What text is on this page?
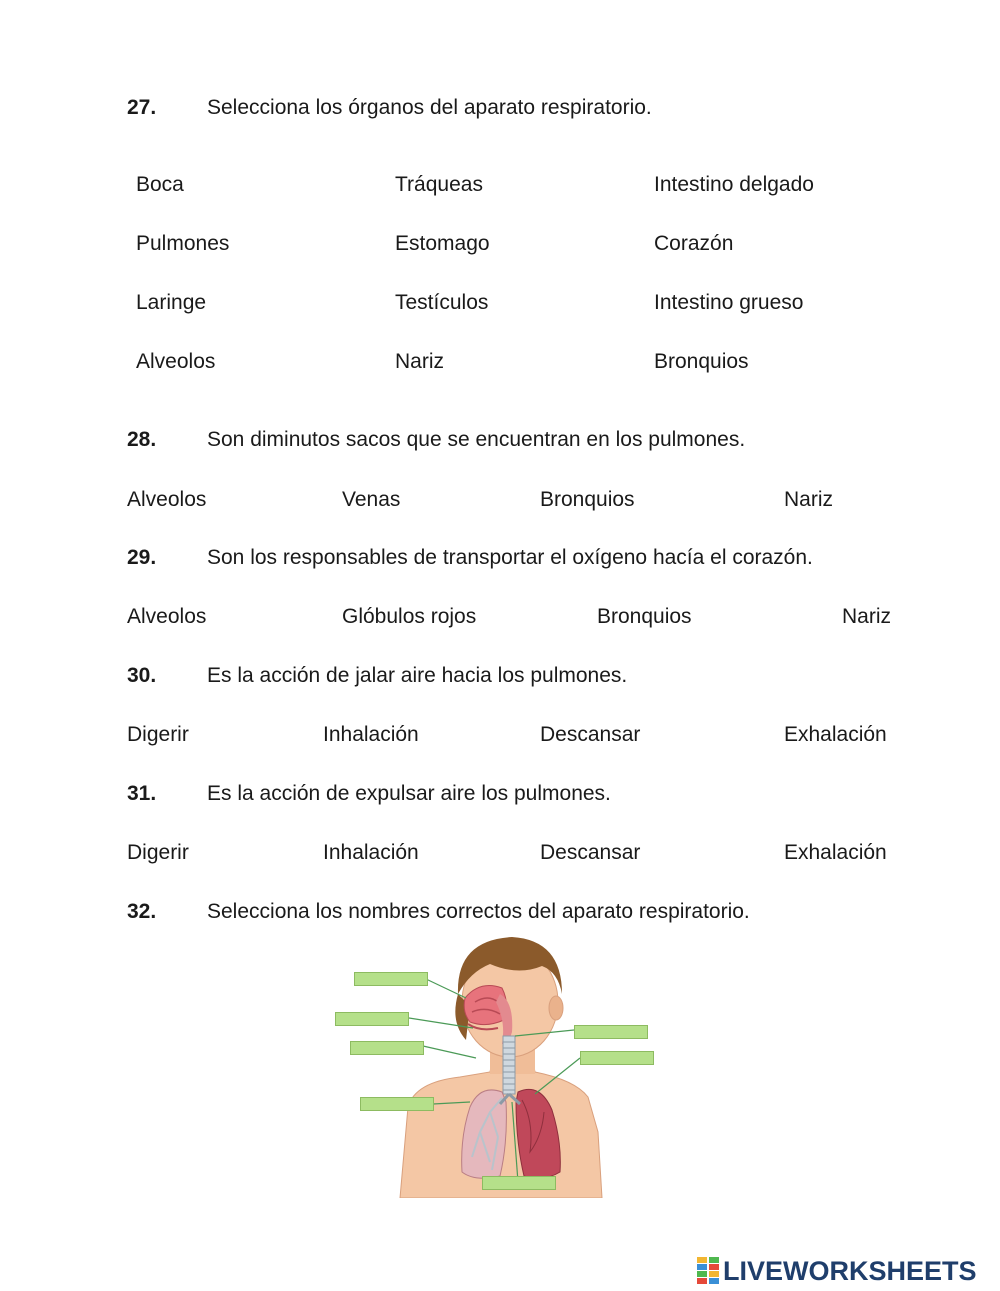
27. Selecciona los órganos del aparato respiratorio.
Boca	Tráqueas	Intestino delgado
Pulmones	Estomago	Corazón
Laringe	Testículos	Intestino grueso
Alveolos	Nariz	Bronquios
28. Son diminutos sacos que se encuentran en los pulmones.
Alveolos	Venas	Bronquios	Nariz
29. Son los responsables de transportar el oxígeno hacía el corazón.
Alveolos	Glóbulos rojos	Bronquios	Nariz
30. Es la acción de jalar aire hacia los pulmones.
Digerir	Inhalación	Descansar	Exhalación
31. Es la acción de expulsar aire los pulmones.
Digerir	Inhalación	Descansar	Exhalación
32. Selecciona los nombres correctos del aparato respiratorio.
LIVEWORKSHEETS
